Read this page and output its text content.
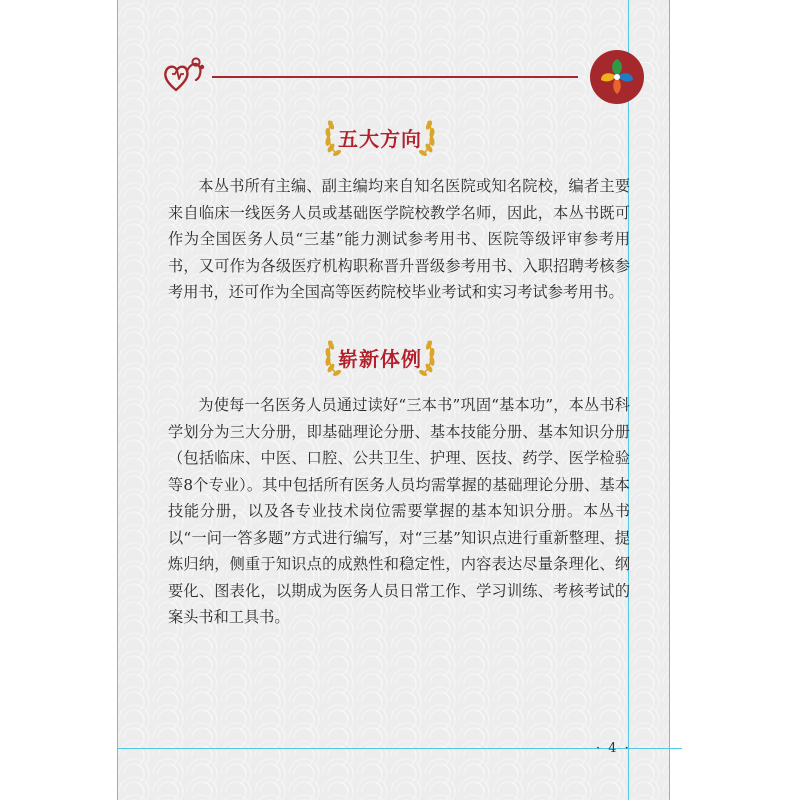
五大方向

本丛书所有主编、副主编均来自知名医院或知名院校，编者主要来自临床一线医务人员或基础医学院校教学名师，因此，本丛书既可作为全国医务人员“三基”能力测试参考用书、医院等级评审参考用书，又可作为各级医疗机构职称晋升晋级参考用书、入职招聘考核参考用书，还可作为全国高等医药院校毕业考试和实习考试参考用书。

崭新体例

为使每一名医务人员通过读好“三本书”巩固“基本功”，本丛书科学划分为三大分册，即基础理论分册、基本技能分册、基本知识分册（包括临床、中医、口腔、公共卫生、护理、医技、药学、医学检验等8个专业）。其中包括所有医务人员均需掌握的基础理论分册、基本技能分册，以及各专业技术岗位需要掌握的基本知识分册。本丛书以“一问一答多题”方式进行编写，对“三基”知识点进行重新整理、提炼归纳，侧重于知识点的成熟性和稳定性，内容表达尽量条理化、纲要化、图表化，以期成为医务人员日常工作、学习训练、考核考试的案头书和工具书。

· 4 ·
